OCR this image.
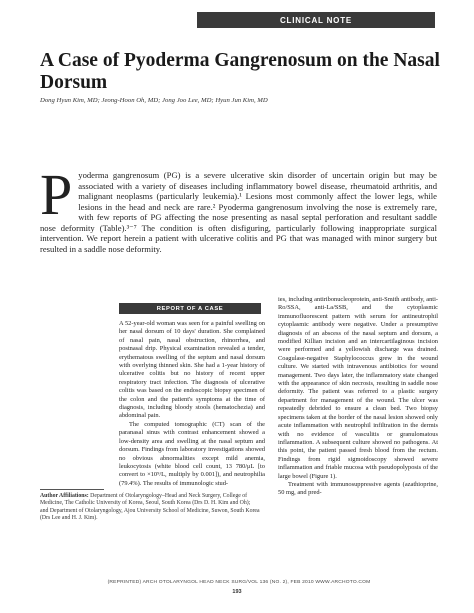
CLINICAL NOTE
A Case of Pyoderma Gangrenosum on the Nasal Dorsum
Dong Hyun Kim, MD; Jeong-Hoon Oh, MD; Jong Joo Lee, MD; Hyun Jun Kim, MD
P yoderma gangrenosum (PG) is a severe ulcerative skin disorder of uncertain origin but may be associated with a variety of diseases including inflammatory bowel disease, rheumatoid arthritis, and malignant neoplasms (particularly leukemia).¹ Lesions most commonly affect the lower legs, while lesions in the head and neck are rare.² Pyoderma gangrenosum involving the nose is extremely rare, with few reports of PG affecting the nose presenting as nasal septal perforation and resultant saddle nose deformity (Table).³⁻⁷ The condition is often disfiguring, particularly following inappropriate surgical intervention. We report herein a patient with ulcerative colitis and PG that was managed with minor surgery but resulted in a saddle nose deformity.
REPORT OF A CASE

A 52-year-old woman was seen for a painful swelling on her nasal dorsum of 10 days' duration. She complained of nasal pain, nasal obstruction, rhinorrhea, and postnasal drip. Physical examination revealed a tender, erythematous swelling of the septum and nasal dorsum with overlying thinned skin. She had a 1-year history of ulcerative colitis but no history of recent upper respiratory tract infection. The diagnosis of ulcerative colitis was based on the endoscopic biopsy specimen of the colon and the patient's symptoms at the time of diagnosis, including bloody stools (hematochezia) and abdominal pain.

The computed tomographic (CT) scan of the paranasal sinus with contrast enhancement showed a low-density area and swelling at the nasal septum and dorsum. Findings from laboratory investigations showed no obvious abnormalities except mild anemia, leukocytosis (white blood cell count, 13 780/μL [to convert to ×10⁹/L, multiply by 0.001]), and neutrophilia (79.4%). The results of immunologic stud-

ies, including antiribonucleoprotein, anti-Smith antibody, anti-Ro/SSA, anti-La/SSB, and the cytoplasmic immunofluorescent pattern with serum for antineutrophil cytoplasmic antibody were negative. Under a presumptive diagnosis of an abscess of the nasal septum and dorsum, a modified Killian incision and an intercartilaginous incision were performed and a yellowish discharge was drained. Coagulase-negative Staphylococcus grew in the wound culture. We started with intravenous antibiotics for wound management. Two days later, the inflammatory state changed with the appearance of skin necrosis, resulting in saddle nose deformity. The patient was referred to a plastic surgery department for management of the wound. The ulcer was repeatedly debrided to ensure a clean bed. Two biopsy specimens taken at the border of the nasal lesion showed only acute inflammation with neutrophil infiltration in the dermis with no evidence of vasculitis or granulomatous inflammation. A subsequent culture showed no pathogens. At this point, the patient passed fresh blood from the rectum. Findings from rigid sigmoidoscopy showed severe inflammation and friable mucosa with pseudopolyposis of the large bowel (Figure 1).

Treatment with immunosuppressive agents (azathioprine, 50 mg, and pred-

Author Affiliations: Department of Otolaryngology–Head and Neck Surgery, College of Medicine, The Catholic University of Korea, Seoul, South Korea (Drs D. H. Kim and Oh); and Department of Otolaryngology, Ajou University School of Medicine, Suwon, South Korea (Drs Lee and H. J. Kim).
(REPRINTED) ARCH OTOLARYNGOL HEAD NECK SURG/VOL 136 (NO. 2), FEB 2010 WWW.ARCHOTO.COM
193
